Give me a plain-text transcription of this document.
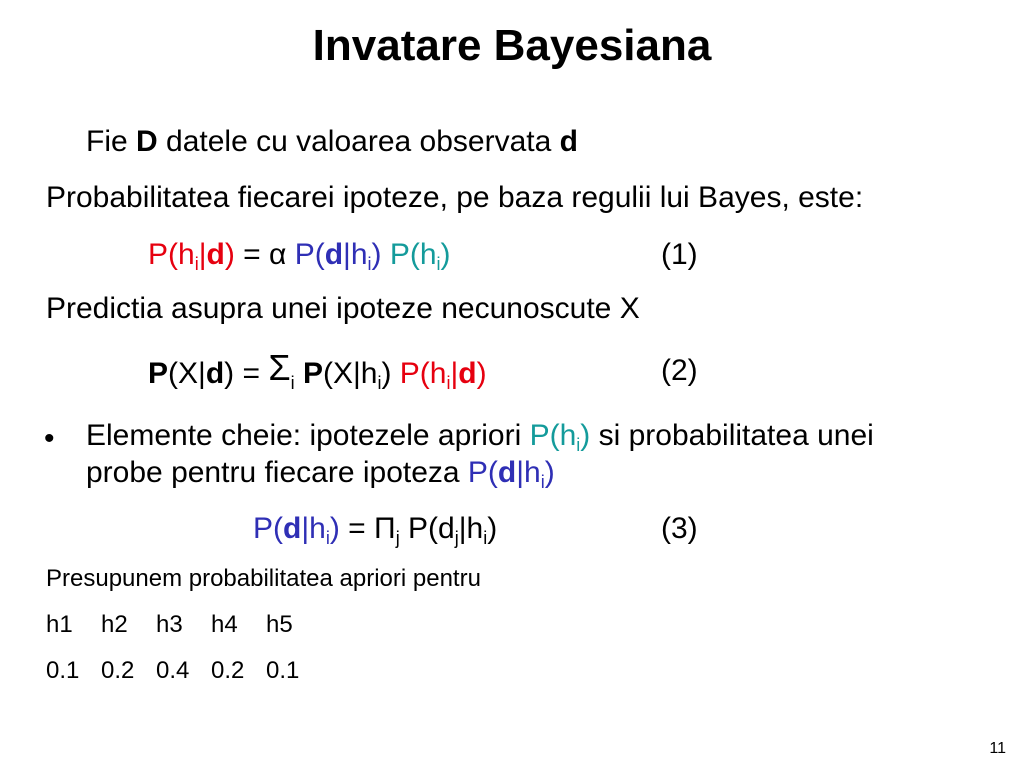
Invatare Bayesiana
Fie D datele cu valoarea observata d
Probabilitatea fiecarei ipoteze, pe baza regulii lui Bayes, este:
$P(h_i|d) = \alpha$ $P(d|h_i)$ $P(h_i)$	(1)
Predictia asupra unei ipoteze necunoscute X
$P(X|d) = \Sigma_i$ $P(X|h_i)$ $P(h_i|d)$	(2)
• Elemente cheie: ipotezele apriori $P(h_i)$ si probabilitatea unei
probe pentru fiecare ipoteza $P(d|h_i)$
$P(d|h_i) = \Pi_j$ $P(d_j|h_i)$	(3)
Presupunem probabilitatea apriori pentru
h1 h2 h3 h4 h5
0.1 0.2 0.4 0.2 0.1
11
